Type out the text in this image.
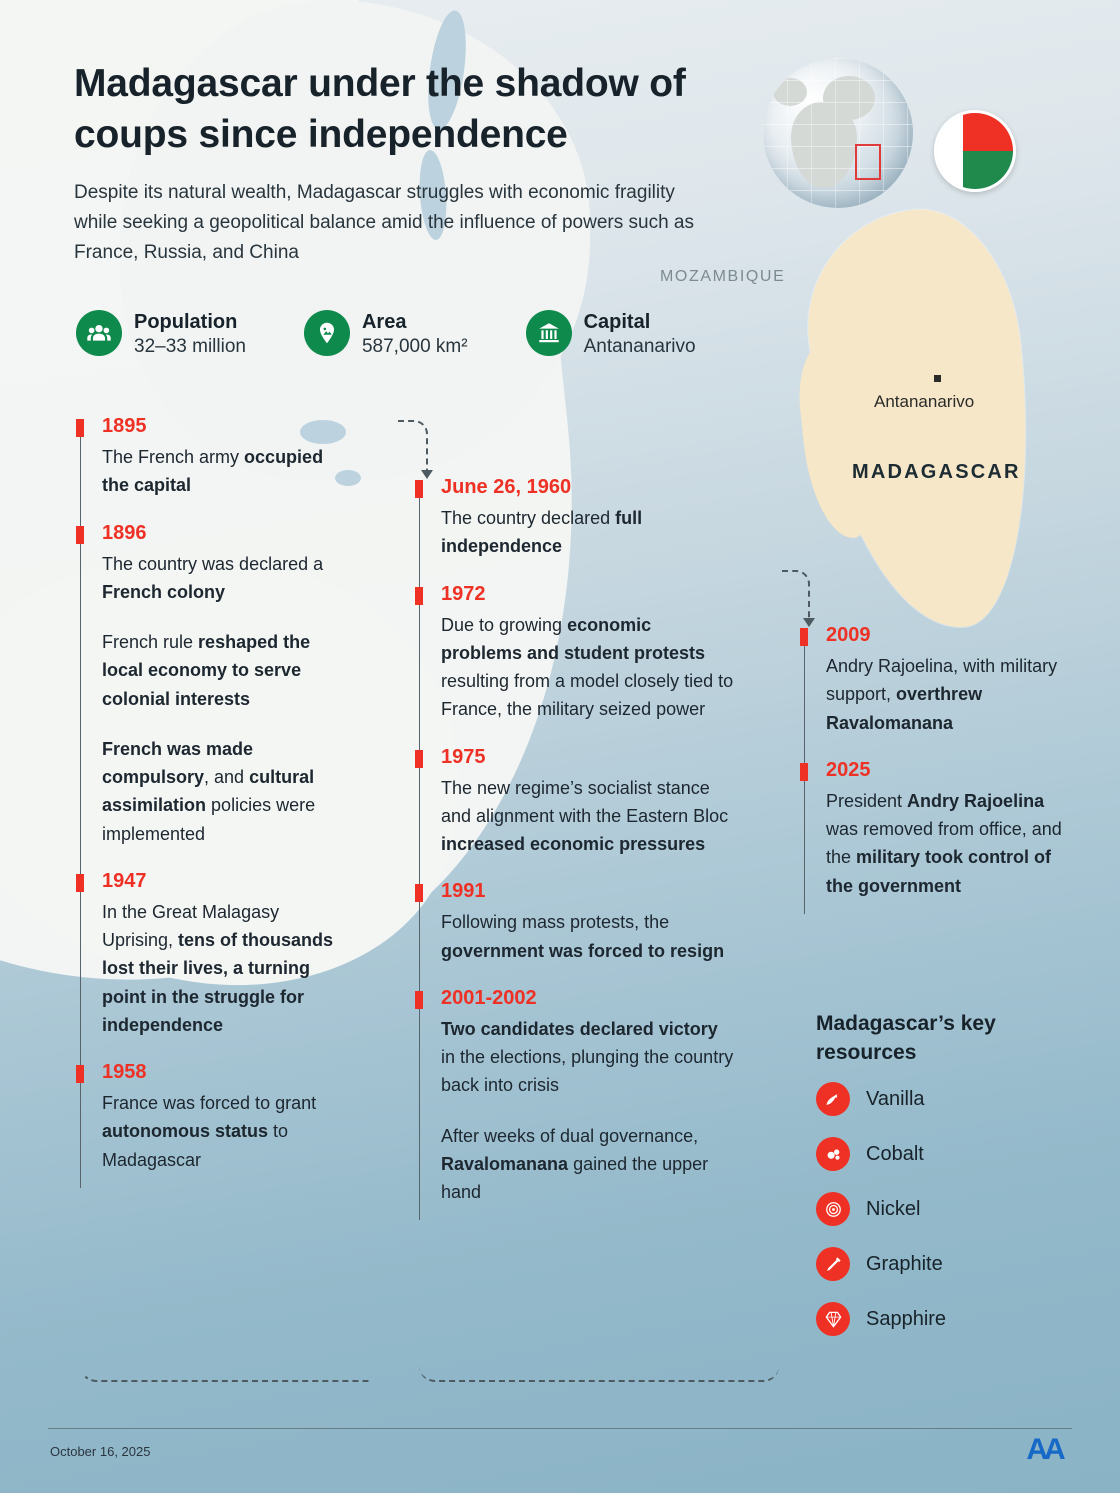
Antananarivo
MADAGASCAR
MOZAMBIQUE
Madagascar under the shadow of coups since independence
Despite its natural wealth, Madagascar struggles with economic fragility while seeking a geopolitical balance amid the influence of powers such as France, Russia, and China
Population
32–33 million
Area
587,000 km²
Capital
Antananarivo
1895
The French army occupied the capital
1896
The country was declared a French colony
French rule reshaped the local economy to serve colonial interests
French was made compulsory, and cultural assimilation policies were implemented
1947
In the Great Malagasy Uprising, tens of thousands lost their lives, a turning point in the struggle for independence
1958
France was forced to grant autonomous status to Madagascar
June 26, 1960
The country declared full independence
1972
Due to growing economic problems and student protests resulting from a model closely tied to France, the military seized power
1975
The new regime’s socialist stance and alignment with the Eastern Bloc increased economic pressures
1991
Following mass protests, the government was forced to resign
2001-2002
Two candidates declared victory in the elections, plunging the country back into crisis
After weeks of dual governance, Ravalomanana gained the upper hand
2009
Andry Rajoelina, with military support, overthrew Ravalomanana
2025
President Andry Rajoelina was removed from office, and the military took control of the government
Madagascar’s key resources
Vanilla
Cobalt
Nickel
Graphite
Sapphire
October 16, 2025	AA
